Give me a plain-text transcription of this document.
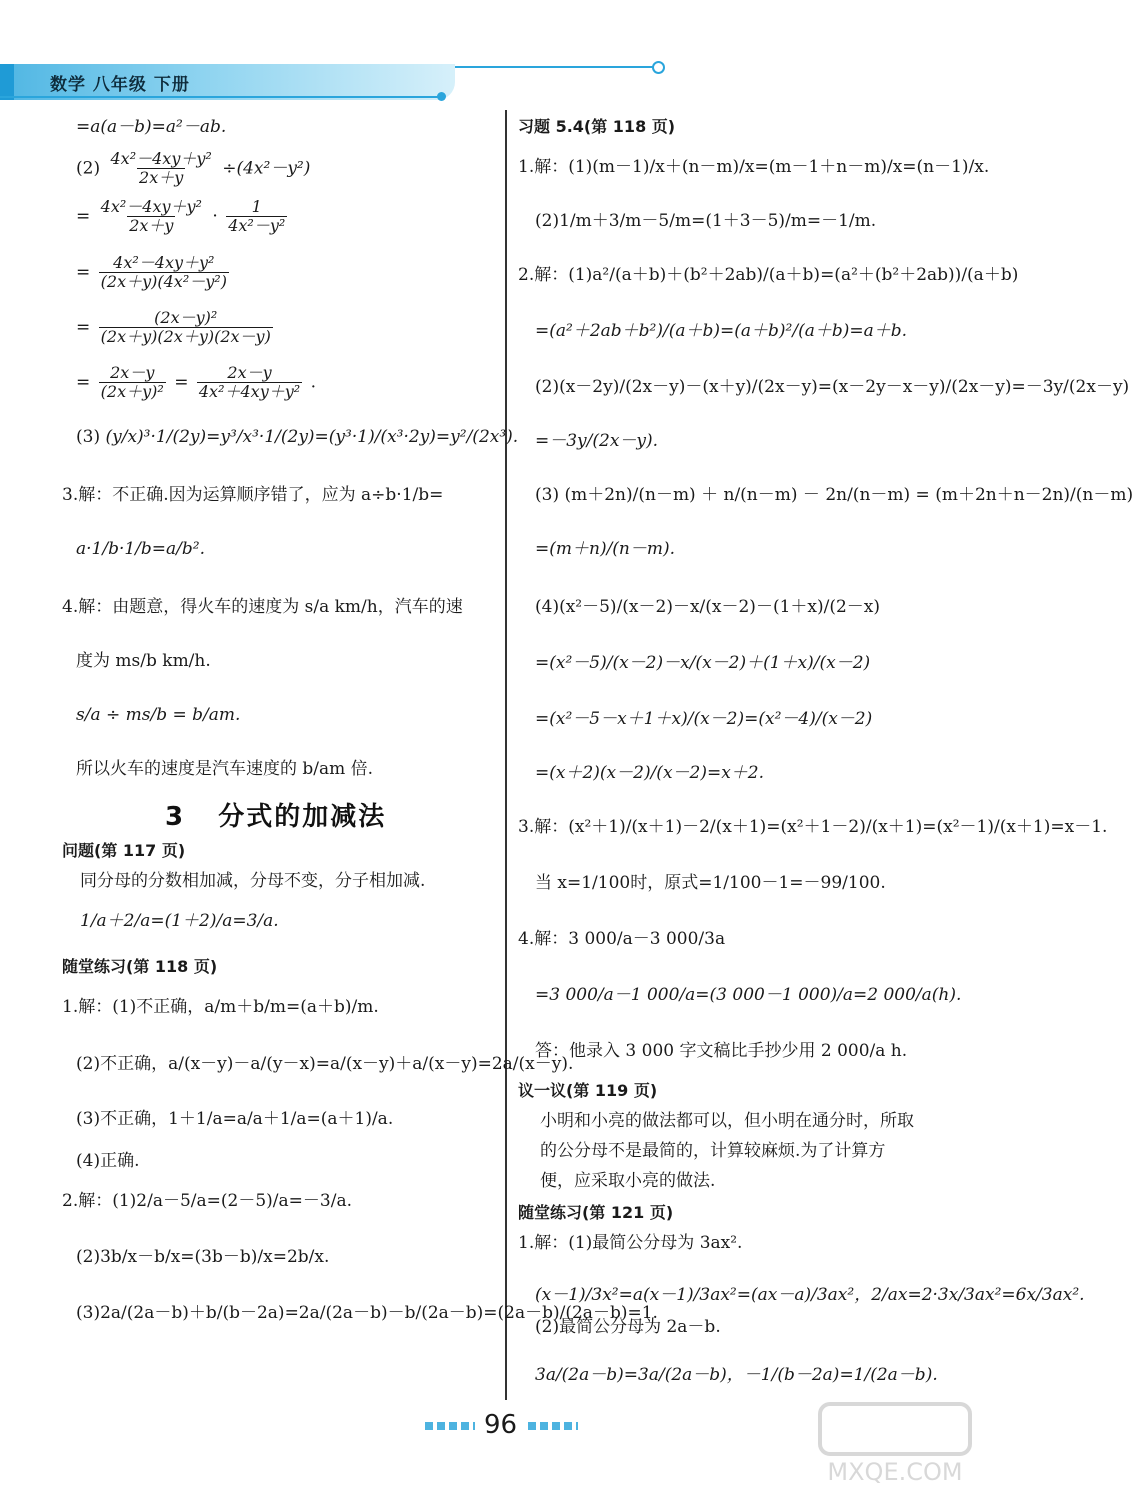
数学 八年级 下册
=a(a－b)=a²－ab.
$(2) \frac{\text{4x²－4xy＋y²}}{2x+y} \div(4x^2-y^2)$
= $\frac{\text{4x²－4xy＋y²}}{2x+y} \cdot \frac{1}{\text{4x²－y²}}$
= $\frac{\text{4x²－4xy＋y²}}{\text{(2x＋y)(4x²－y²)}}$
= $\frac{\text{(2x－y)²}}{(2x+y)(2x+y)(2x-y)}$
= $\frac{2x-y}{\text{(2x＋y)²}} = \frac{2x-y}{\text{4x²＋4xy＋y²}}$ .
(3) (y/x)³·1/(2y)=y³/x³·1/(2y)=(y³·1)/(x³·2y)=y²/(2x³).
3.解：不正确.因为运算顺序错了，应为 a÷b·1/b=
a·1/b·1/b=a/b².
4.解：由题意，得火车的速度为 s/a km/h，汽车的速
度为 ms/b km/h.
s/a ÷ ms/b = b/am.
所以火车的速度是汽车速度的 b/am 倍.
3 分式的加减法
问题(第 117 页)
同分母的分数相加减，分母不变，分子相加减.
1/a＋2/a=(1＋2)/a=3/a.
随堂练习(第 118 页)
1.解：(1)不正确，a/m＋b/m=(a＋b)/m.
(2)不正确，a/(x－y)－a/(y－x)=a/(x－y)＋a/(x－y)=2a/(x－y).
(3)不正确，1＋1/a=a/a＋1/a=(a＋1)/a.
(4)正确.
2.解：(1)2/a－5/a=(2－5)/a=－3/a.
(2)3b/x－b/x=(3b－b)/x=2b/x.
(3)2a/(2a－b)＋b/(b－2a)=2a/(2a－b)－b/(2a－b)=(2a－b)/(2a－b)=1.
习题 5.4(第 118 页)
1.解：(1)(m－1)/x＋(n－m)/x=(m－1＋n－m)/x=(n－1)/x.
(2)1/m＋3/m－5/m=(1＋3－5)/m=－1/m.
2.解：(1)a²/(a＋b)＋(b²＋2ab)/(a＋b)=(a²＋(b²＋2ab))/(a＋b)
=(a²＋2ab＋b²)/(a＋b)=(a＋b)²/(a＋b)=a＋b.
(2)(x－2y)/(2x－y)－(x＋y)/(2x－y)=(x－2y－x－y)/(2x－y)=－3y/(2x－y)
=－3y/(2x－y).
(3) (m＋2n)/(n－m) ＋ n/(n－m) － 2n/(n－m) = (m＋2n＋n－2n)/(n－m)
=(m＋n)/(n－m).
(4)(x²－5)/(x－2)－x/(x－2)－(1＋x)/(2－x)
=(x²－5)/(x－2)－x/(x－2)＋(1＋x)/(x－2)
=(x²－5－x＋1＋x)/(x－2)=(x²－4)/(x－2)
=(x＋2)(x－2)/(x－2)=x＋2.
3.解：(x²＋1)/(x＋1)－2/(x＋1)=(x²＋1－2)/(x＋1)=(x²－1)/(x＋1)=x－1.
当 x=1/100时，原式=1/100－1=－99/100.
4.解：3 000/a－3 000/3a
=3 000/a－1 000/a=(3 000－1 000)/a=2 000/a(h).
答：他录入 3 000 字文稿比手抄少用 2 000/a h.
议一议(第 119 页)
小明和小亮的做法都可以，但小明在通分时，所取
的公分母不是最简的，计算较麻烦.为了计算方
便，应采取小亮的做法.
随堂练习(第 121 页)
1.解：(1)最简公分母为 3ax².
(x－1)/3x²=a(x－1)/3ax²=(ax－a)/3ax²，2/ax=2·3x/3ax²=6x/3ax².
(2)最简公分母为 2a－b.
3a/(2a－b)=3a/(2a－b)，－1/(b－2a)=1/(2a－b).
96
MXQE.COM
